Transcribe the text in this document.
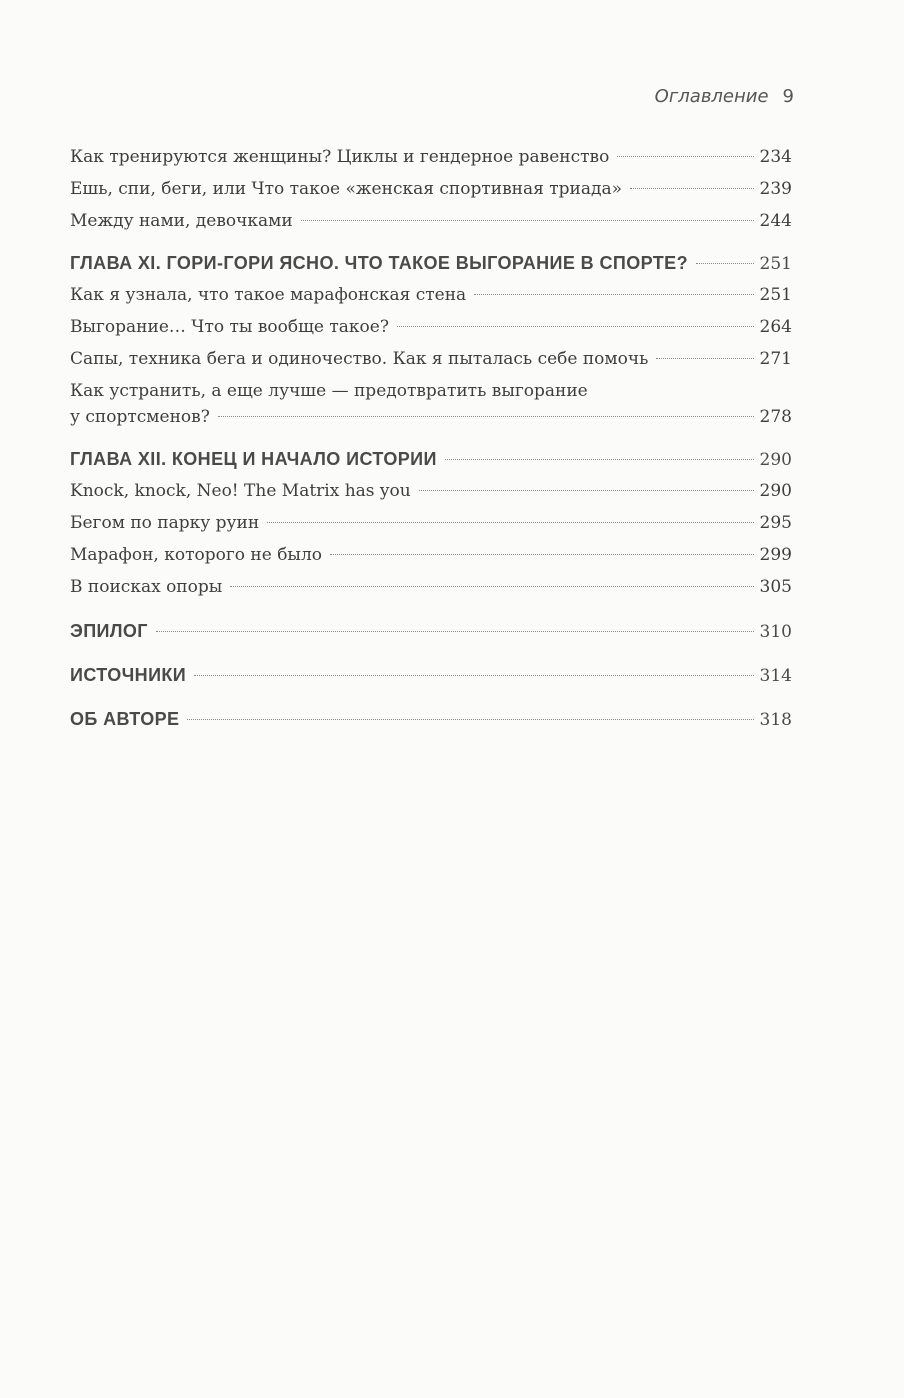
Оглавление 9
Как тренируются женщины? Циклы и гендерное равенство	234
Ешь, спи, беги, или Что такое «женская спортивная триада»	239
Между нами, девочками	244
ГЛАВА XI. ГОРИ-ГОРИ ЯСНО. ЧТО ТАКОЕ ВЫГОРАНИЕ В СПОРТЕ?	251
Как я узнала, что такое марафонская стена	251
Выгорание… Что ты вообще такое?	264
Сапы, техника бега и одиночество. Как я пыталась себе помочь	271
Как устранить, а еще лучше — предотвратить выгорание
у спортсменов?	278
ГЛАВА XII. КОНЕЦ И НАЧАЛО ИСТОРИИ	290
Knock, knock, Neo! The Matrix has you	290
Бегом по парку руин	295
Марафон, которого не было	299
В поисках опоры	305
ЭПИЛОГ	310
ИСТОЧНИКИ	314
ОБ АВТОРЕ	318
